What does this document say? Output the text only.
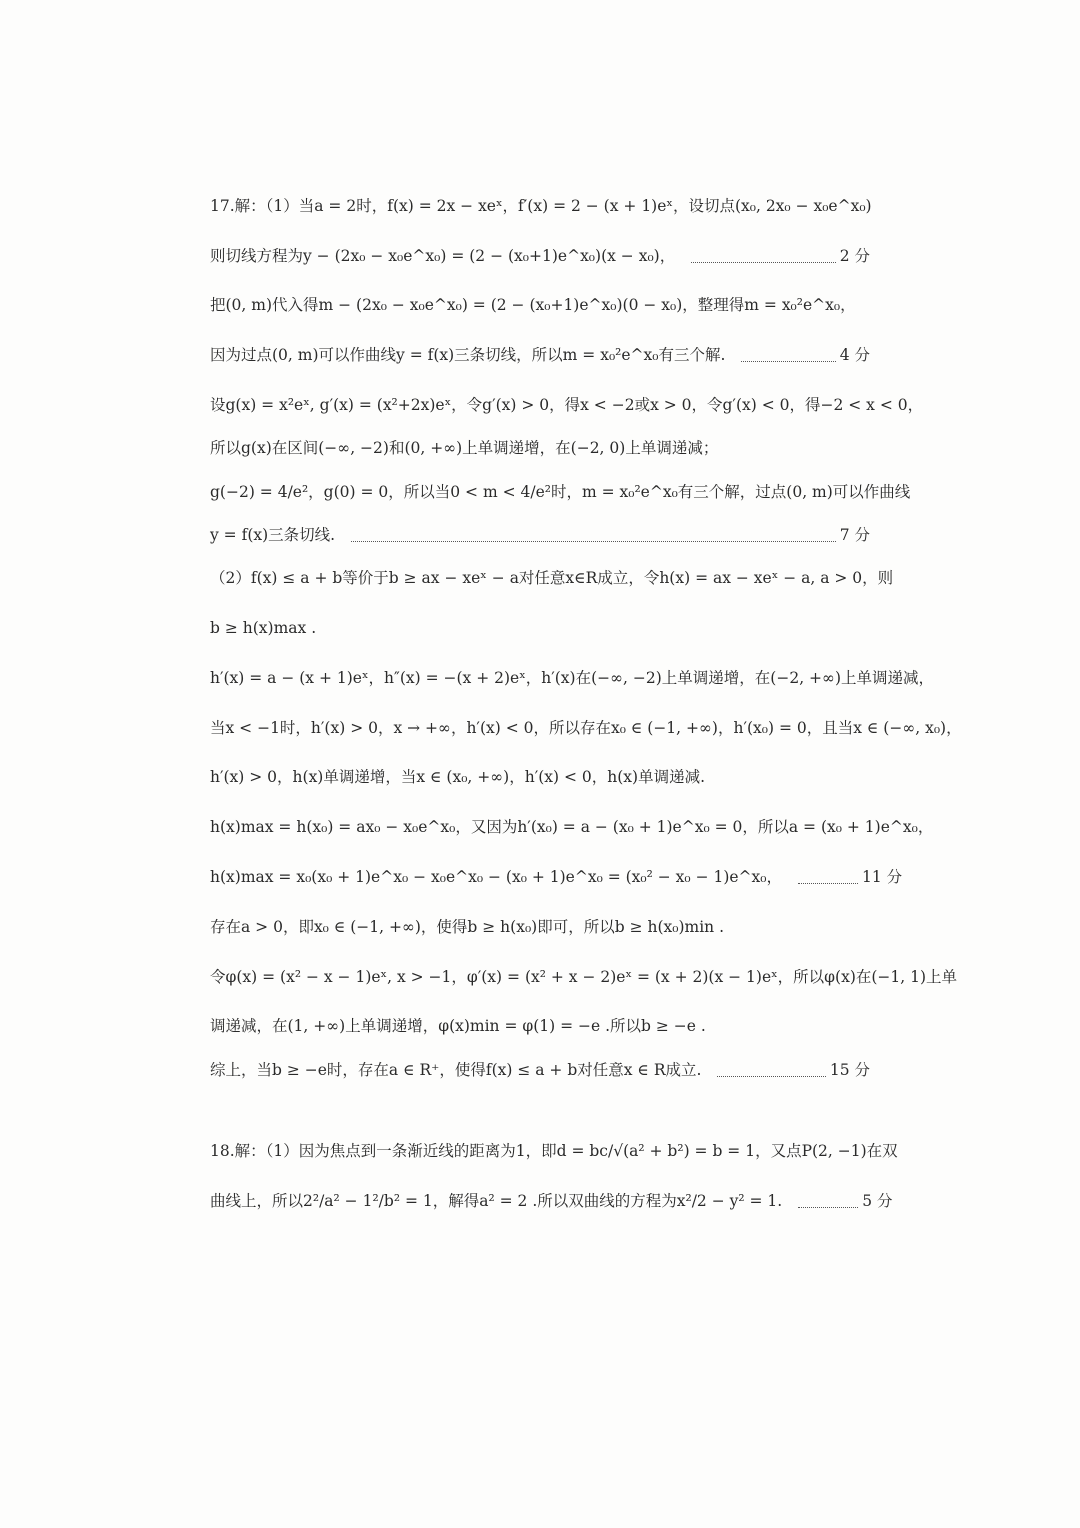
17.解：（1）当a = 2时，f(x) = 2x − xeˣ，f′(x) = 2 − (x + 1)eˣ，设切点(x₀, 2x₀ − x₀e^x₀)
则切线方程为y − (2x₀ − x₀e^x₀) = (2 − (x₀+1)e^x₀)(x − x₀)，	2 分
把(0, m)代入得m − (2x₀ − x₀e^x₀) = (2 − (x₀+1)e^x₀)(0 − x₀)，整理得m = x₀²e^x₀，
因为过点(0, m)可以作曲线y = f(x)三条切线，所以m = x₀²e^x₀有三个解.	4 分
设g(x) = x²eˣ, g′(x) = (x²+2x)eˣ，令g′(x) > 0，得x < −2或x > 0，令g′(x) < 0，得−2 < x < 0，
所以g(x)在区间(−∞, −2)和(0, +∞)上单调递增，在(−2, 0)上单调递减；
g(−2) = 4/e²，g(0) = 0，所以当0 < m < 4/e²时，m = x₀²e^x₀有三个解，过点(0, m)可以作曲线
y = f(x)三条切线.	7 分
（2）f(x) ≤ a + b等价于b ≥ ax − xeˣ − a对任意x∈R成立，令h(x) = ax − xeˣ − a, a > 0，则
b ≥ h(x)max .
h′(x) = a − (x + 1)eˣ，h″(x) = −(x + 2)eˣ，h′(x)在(−∞, −2)上单调递增，在(−2, +∞)上单调递减，
当x < −1时，h′(x) > 0，x → +∞，h′(x) < 0，所以存在x₀ ∈ (−1, +∞)，h′(x₀) = 0，且当x ∈ (−∞, x₀)，
h′(x) > 0，h(x)单调递增，当x ∈ (x₀, +∞)，h′(x) < 0，h(x)单调递减.
h(x)max = h(x₀) = ax₀ − x₀e^x₀，又因为h′(x₀) = a − (x₀ + 1)e^x₀ = 0，所以a = (x₀ + 1)e^x₀，
h(x)max = x₀(x₀ + 1)e^x₀ − x₀e^x₀ − (x₀ + 1)e^x₀ = (x₀² − x₀ − 1)e^x₀，	11 分
存在a > 0，即x₀ ∈ (−1, +∞)，使得b ≥ h(x₀)即可，所以b ≥ h(x₀)min .
令φ(x) = (x² − x − 1)eˣ, x > −1，φ′(x) = (x² + x − 2)eˣ = (x + 2)(x − 1)eˣ，所以φ(x)在(−1, 1)上单
调递减，在(1, +∞)上单调递增，φ(x)min = φ(1) = −e .所以b ≥ −e .
综上，当b ≥ −e时，存在a ∈ R⁺，使得f(x) ≤ a + b对任意x ∈ R成立.	15 分
18.解：（1）因为焦点到一条渐近线的距离为1，即d = bc/√(a² + b²) = b = 1，又点P(2, −1)在双
曲线上，所以2²/a² − 1²/b² = 1，解得a² = 2 .所以双曲线的方程为x²/2 − y² = 1.	5 分
